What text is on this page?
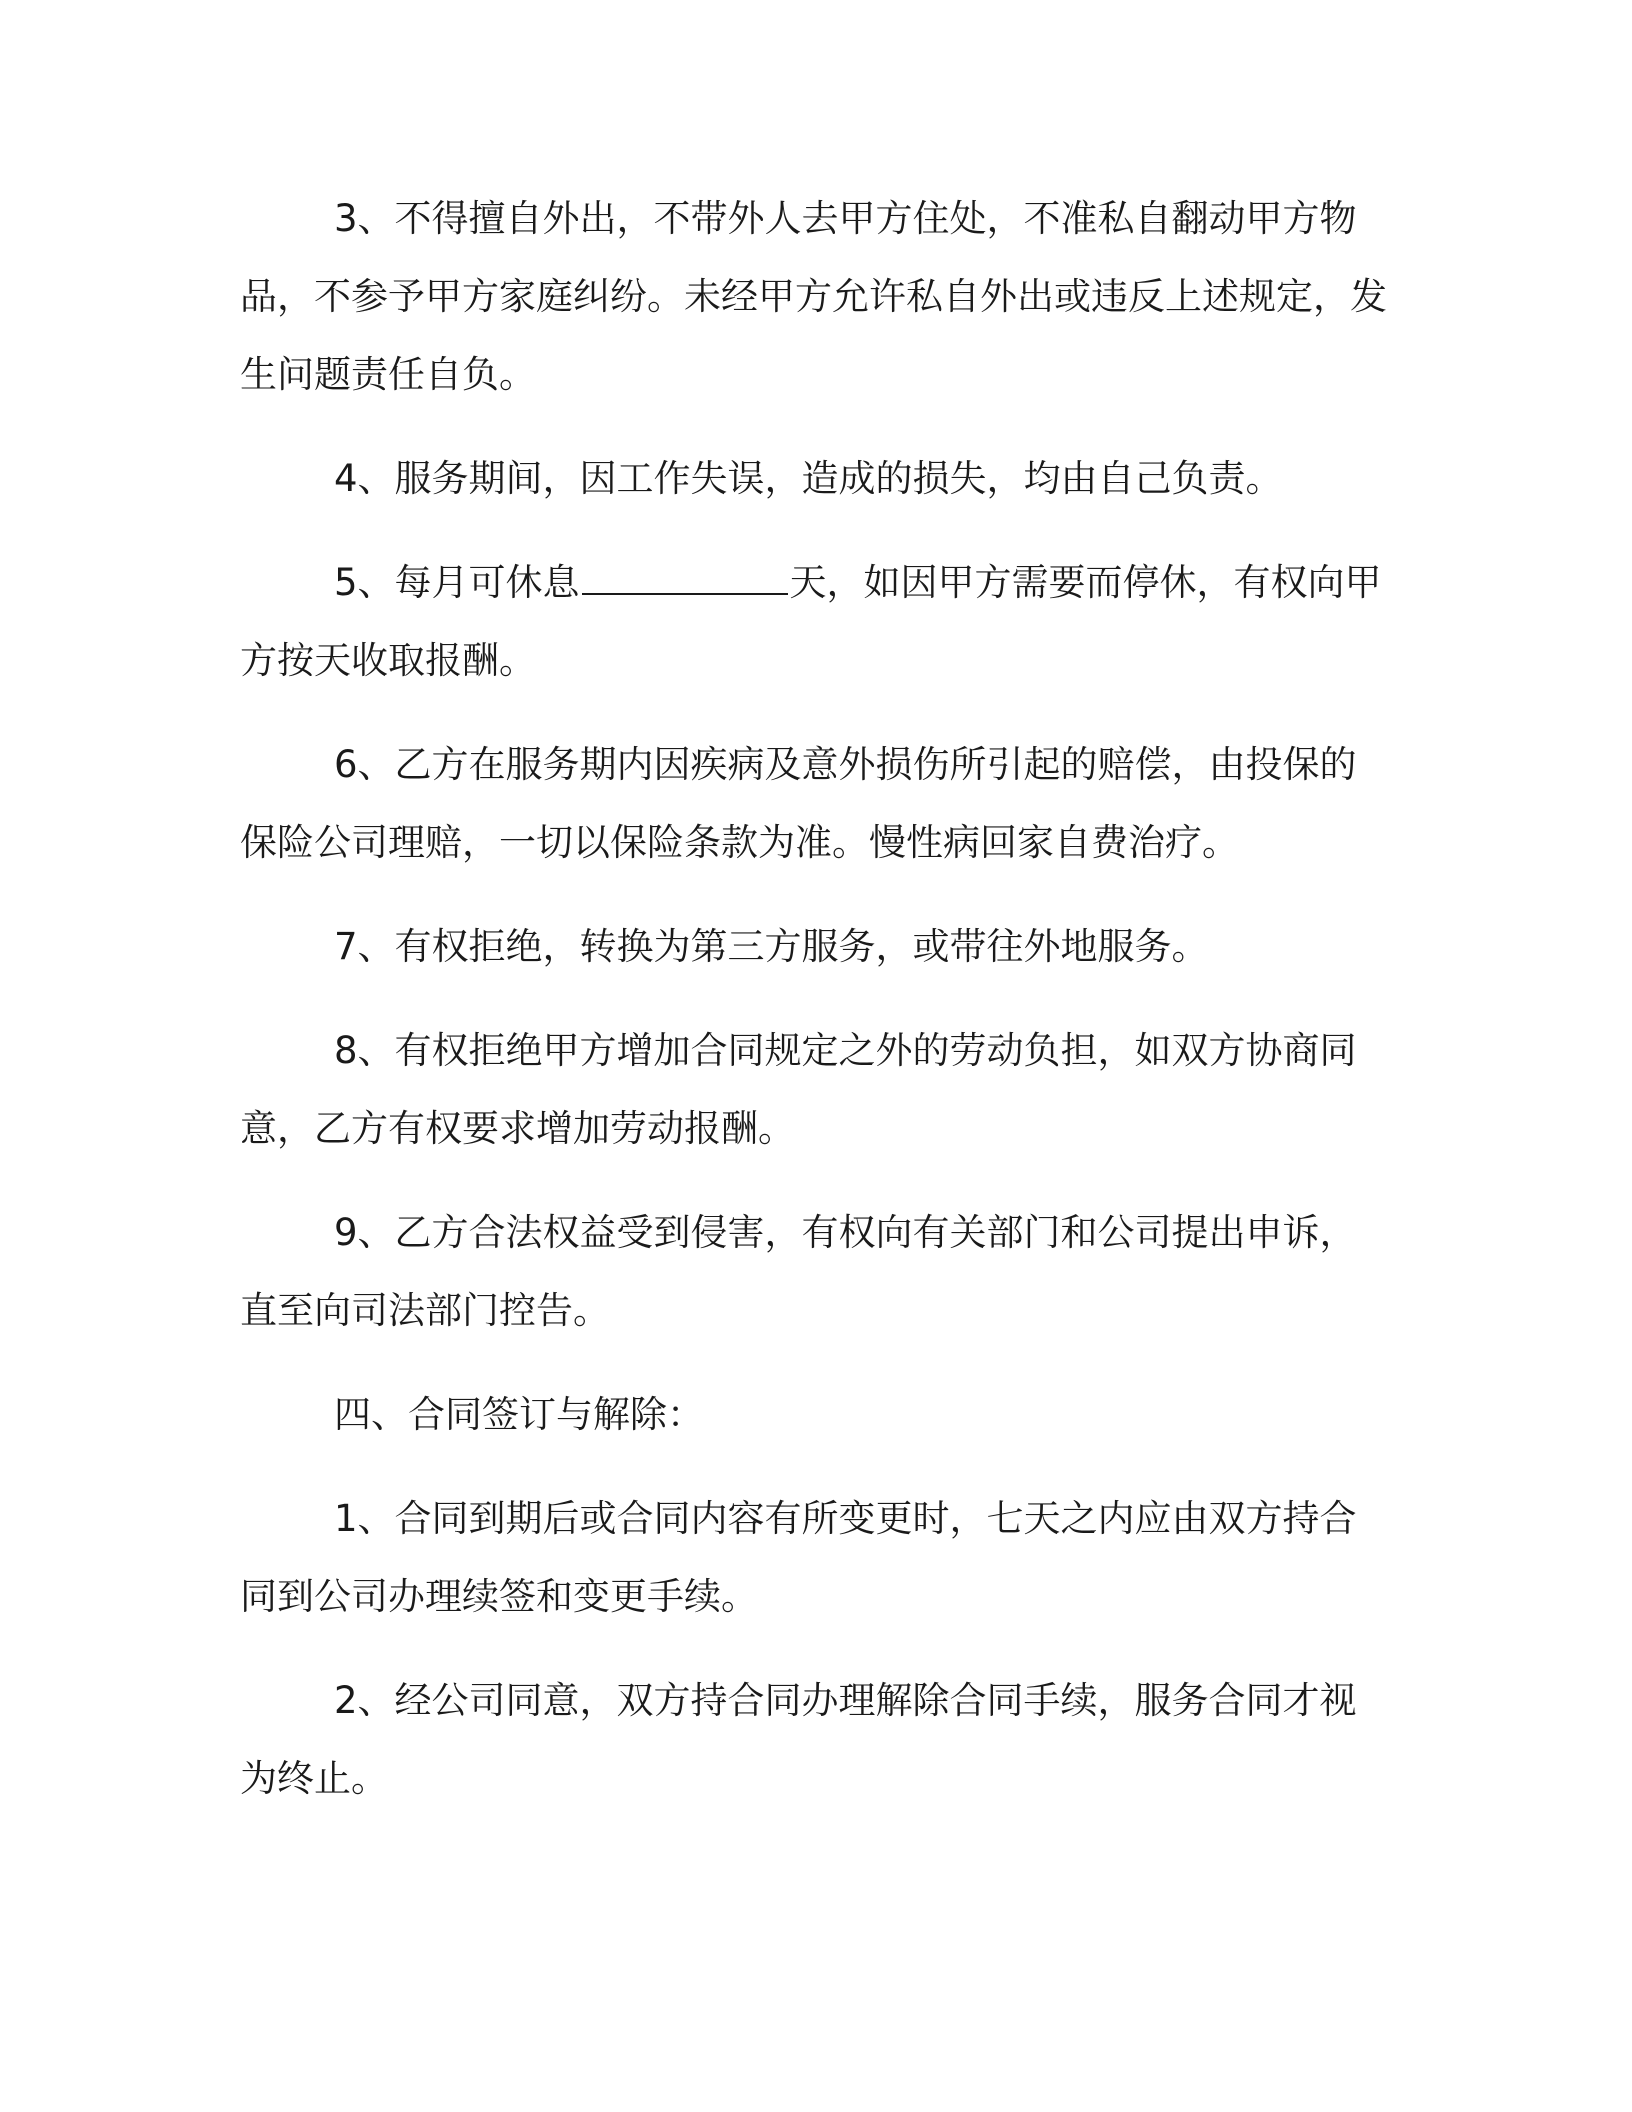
3、不得擅自外出，不带外人去甲方住处，不准私自翻动甲方物品，不参予甲方家庭纠纷。未经甲方允许私自外出或违反上述规定，发生问题责任自负。

4、服务期间，因工作失误，造成的损失，均由自己负责。

5、每月可休息	天，如因甲方需要而停休，有权向甲方按天收取报酬。

6、乙方在服务期内因疾病及意外损伤所引起的赔偿，由投保的保险公司理赔，一切以保险条款为准。慢性病回家自费治疗。

7、有权拒绝，转换为第三方服务，或带往外地服务。

8、有权拒绝甲方增加合同规定之外的劳动负担，如双方协商同意，乙方有权要求增加劳动报酬。

9、乙方合法权益受到侵害，有权向有关部门和公司提出申诉，直至向司法部门控告。

四、合同签订与解除：

1、合同到期后或合同内容有所变更时，七天之内应由双方持合同到公司办理续签和变更手续。

2、经公司同意，双方持合同办理解除合同手续，服务合同才视为终止。
